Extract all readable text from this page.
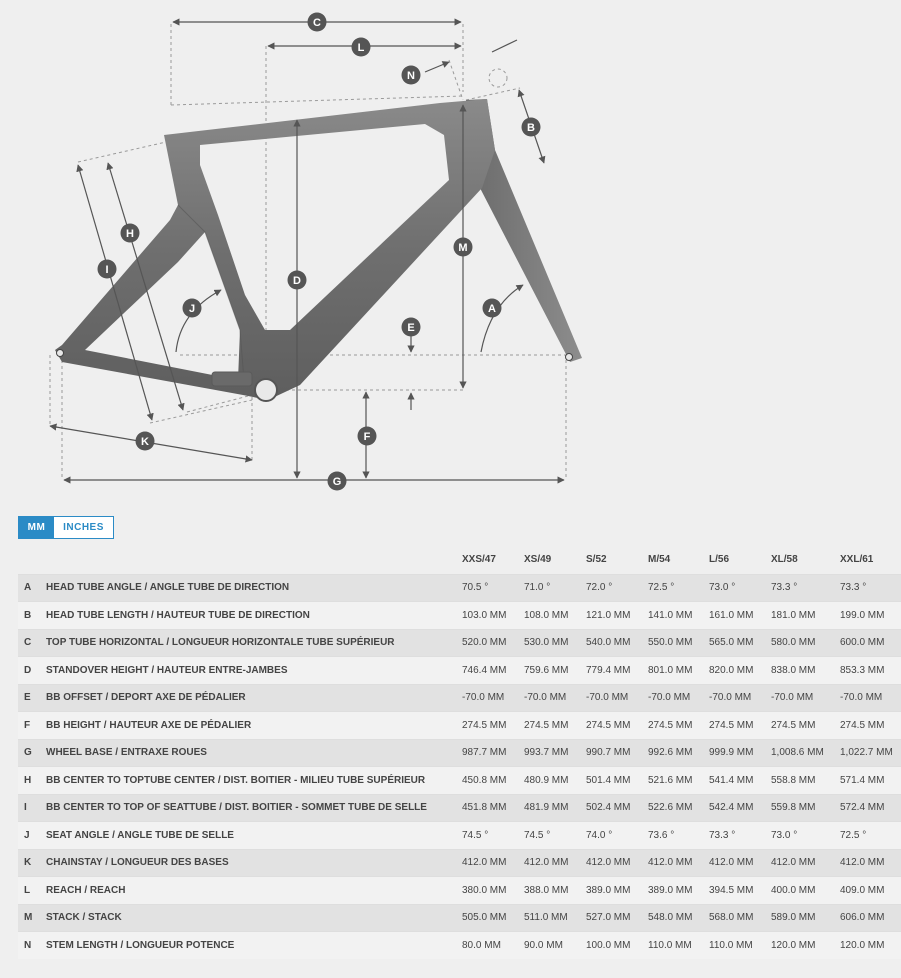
A
B
C
D
E
F
G
H
I
J
K
L
M
N
MM	INCHES
		XXS/47	XS/49	S/52	M/54	L/56	XL/58	XXL/61
A	HEAD TUBE ANGLE / ANGLE TUBE DE DIRECTION	70.5 °	71.0 °	72.0 °	72.5 °	73.0 °	73.3 °	73.3 °
B	HEAD TUBE LENGTH / HAUTEUR TUBE DE DIRECTION	103.0 MM	108.0 MM	121.0 MM	141.0 MM	161.0 MM	181.0 MM	199.0 MM
C	TOP TUBE HORIZONTAL / LONGUEUR HORIZONTALE TUBE SUPÉRIEUR	520.0 MM	530.0 MM	540.0 MM	550.0 MM	565.0 MM	580.0 MM	600.0 MM
D	STANDOVER HEIGHT / HAUTEUR ENTRE-JAMBES	746.4 MM	759.6 MM	779.4 MM	801.0 MM	820.0 MM	838.0 MM	853.3 MM
E	BB OFFSET / DEPORT AXE DE PÉDALIER	-70.0 MM	-70.0 MM	-70.0 MM	-70.0 MM	-70.0 MM	-70.0 MM	-70.0 MM
F	BB HEIGHT / HAUTEUR AXE DE PÉDALIER	274.5 MM	274.5 MM	274.5 MM	274.5 MM	274.5 MM	274.5 MM	274.5 MM
G	WHEEL BASE / ENTRAXE ROUES	987.7 MM	993.7 MM	990.7 MM	992.6 MM	999.9 MM	1,008.6 MM	1,022.7 MM
H	BB CENTER TO TOPTUBE CENTER / DIST. BOITIER - MILIEU TUBE SUPÉRIEUR	450.8 MM	480.9 MM	501.4 MM	521.6 MM	541.4 MM	558.8 MM	571.4 MM
I	BB CENTER TO TOP OF SEATTUBE / DIST. BOITIER - SOMMET TUBE DE SELLE	451.8 MM	481.9 MM	502.4 MM	522.6 MM	542.4 MM	559.8 MM	572.4 MM
J	SEAT ANGLE / ANGLE TUBE DE SELLE	74.5 °	74.5 °	74.0 °	73.6 °	73.3 °	73.0 °	72.5 °
K	CHAINSTAY / LONGUEUR DES BASES	412.0 MM	412.0 MM	412.0 MM	412.0 MM	412.0 MM	412.0 MM	412.0 MM
L	REACH / REACH	380.0 MM	388.0 MM	389.0 MM	389.0 MM	394.5 MM	400.0 MM	409.0 MM
M	STACK / STACK	505.0 MM	511.0 MM	527.0 MM	548.0 MM	568.0 MM	589.0 MM	606.0 MM
N	STEM LENGTH / LONGUEUR POTENCE	80.0 MM	90.0 MM	100.0 MM	110.0 MM	110.0 MM	120.0 MM	120.0 MM
